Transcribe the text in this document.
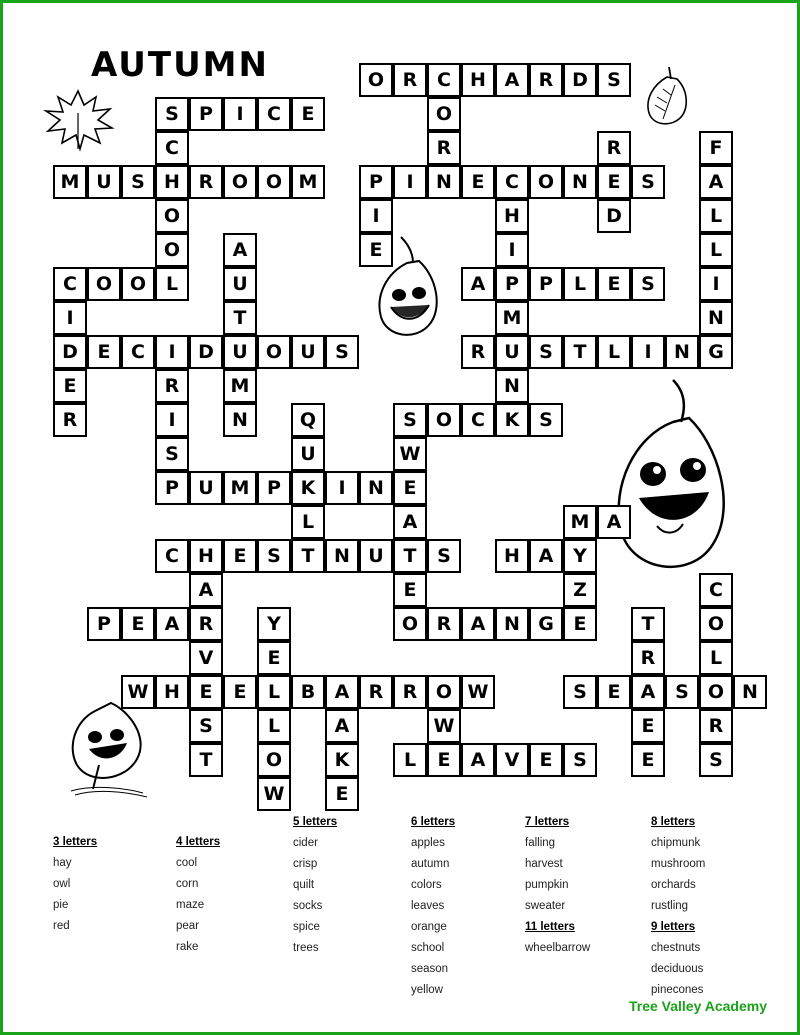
AUTUMN	O R	C	H A	R D	S
S	P	I	C	E	O
C	R	R	F
M U	S	H R O O M	P	I	N	E	C O N	E	S	A
O	I	H	D	L
O	A	E	I	L
C O O	L	U	A	P	P	L	E	S	I
I	T	M	N
D	E	C	I	D U O U	S	R U	S	T	L	I	N G
E	R	M	N
R	I	N	Q	S	O C	K	S
S	U	W
P	U M P	K	I	N	E
L	A	M A
C	H	E	S	T	N U	T	S	H A	Y
A	E	Z	C
P	E	A	R	Y	O R	A N G	E	T	O
V	E	R	L
W H	E	E	L	B	A	R	R O W	S	E	A	S	O N
S	L	A	W	E	R
T	O	K	L	E	A	V	E	S	E	S
W	E
3 letters
hay
owl
pie
red
4 letters
cool
corn
maze
pear
rake
5 letters
cider
crisp
quilt
socks
spice
trees
6 letters
apples
autumn
colors
leaves
orange
school
season
yellow
7 letters
falling
harvest
pumpkin
sweater
11 letters
wheelbarrow
8 letters
chipmunk
mushroom
orchards
rustling
9 letters
chestnuts
deciduous
pinecones
Tree Valley Academy
